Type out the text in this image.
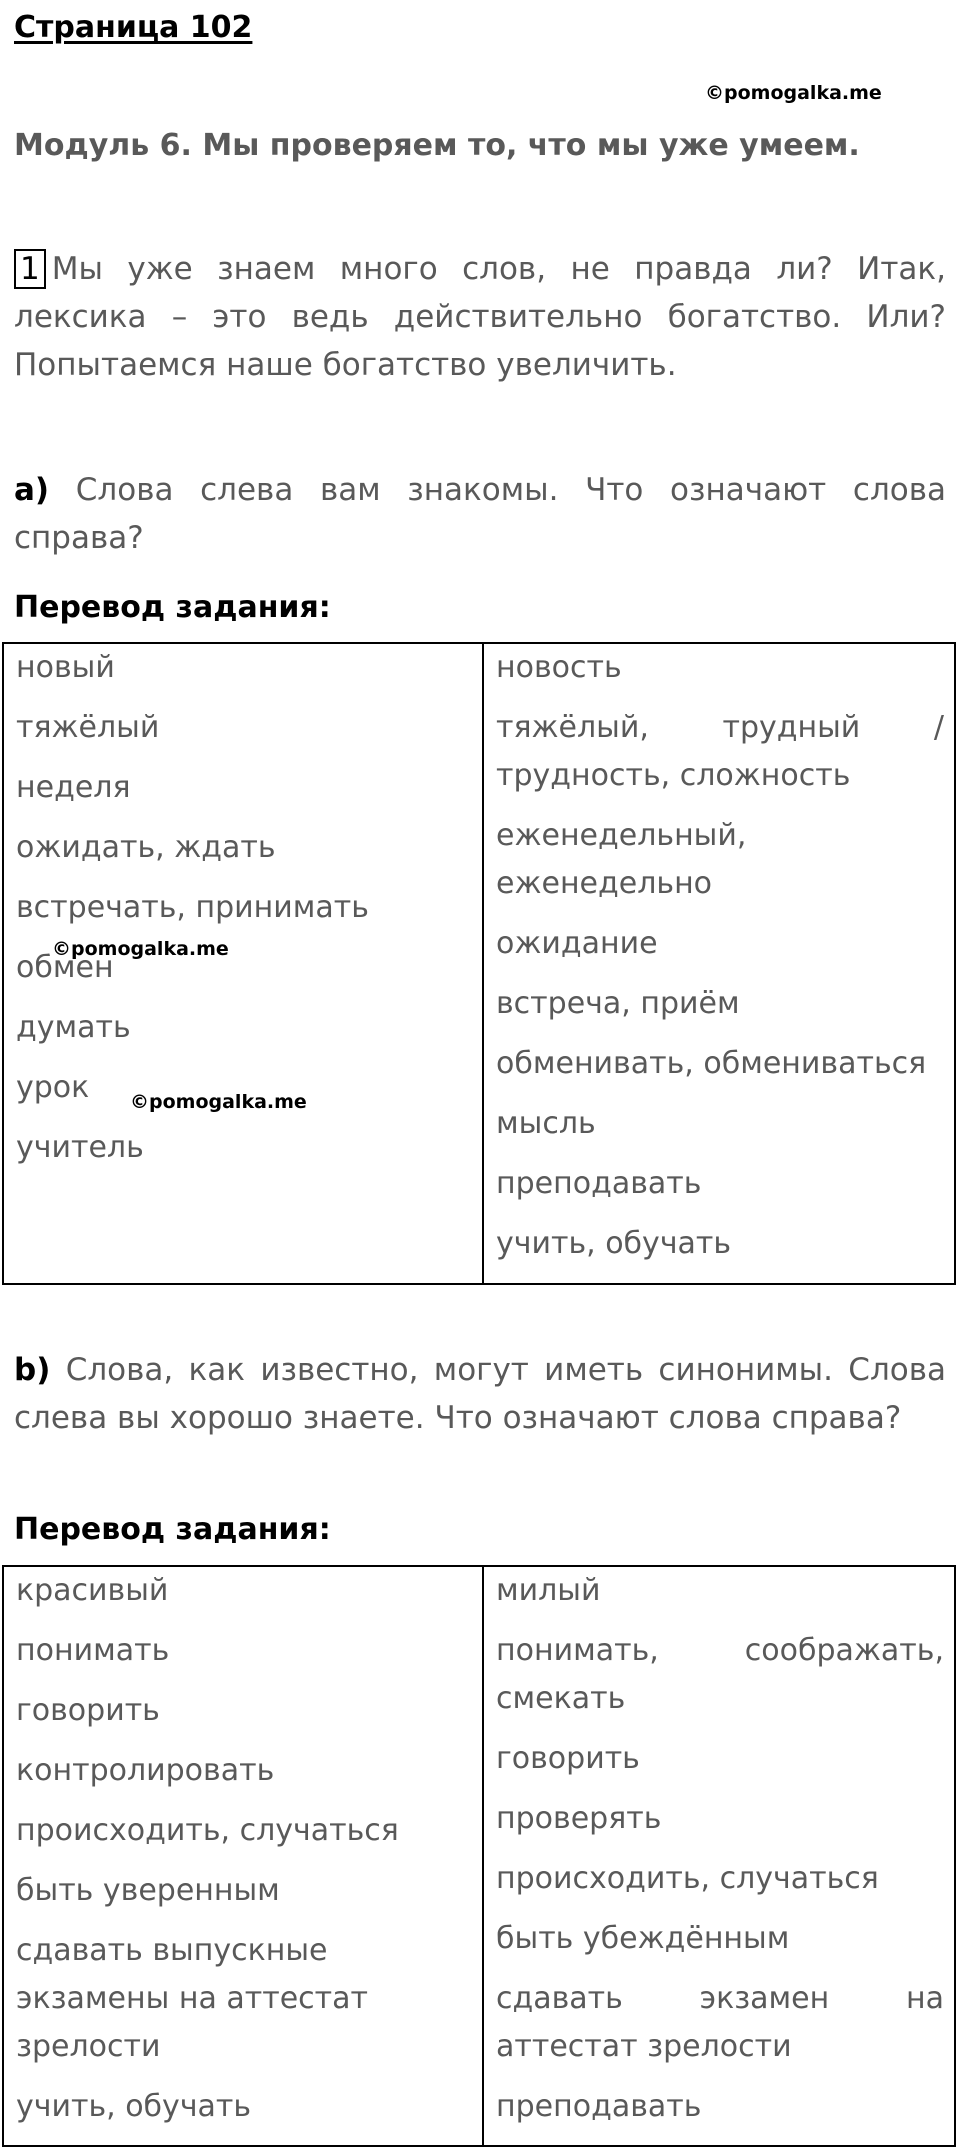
Страница 102
©pomogalka.me
Модуль 6. Мы проверяем то, что мы уже умеем.
1 Мы уже знаем много слов, не правда ли? Итак, лексика – это ведь действительно богатство. Или? Попытаемся наше богатство увеличить.
a) Слова слева вам знакомы. Что означают слова справа?
Перевод задания:
новый
тяжёлый
неделя
ожидать, ждать
встречать, принимать
обмен
думать
урок
учитель
новость
тяжёлый, трудный / трудность, сложность
еженедельный, еженедельно
ожидание
встреча, приём
обменивать, обмениваться
мысль
преподавать
учить, обучать
©pomogalka.me
©pomogalka.me
b) Слова, как известно, могут иметь синонимы. Слова слева вы хорошо знаете. Что означают слова справа?
Перевод задания:
красивый
понимать
говорить
контролировать
происходить, случаться
быть уверенным
сдавать выпускные экзамены на аттестат зрелости
учить, обучать
милый
понимать, соображать, смекать
говорить
проверять
происходить, случаться
быть убеждённым
сдавать экзамен на аттестат зрелости
преподавать
